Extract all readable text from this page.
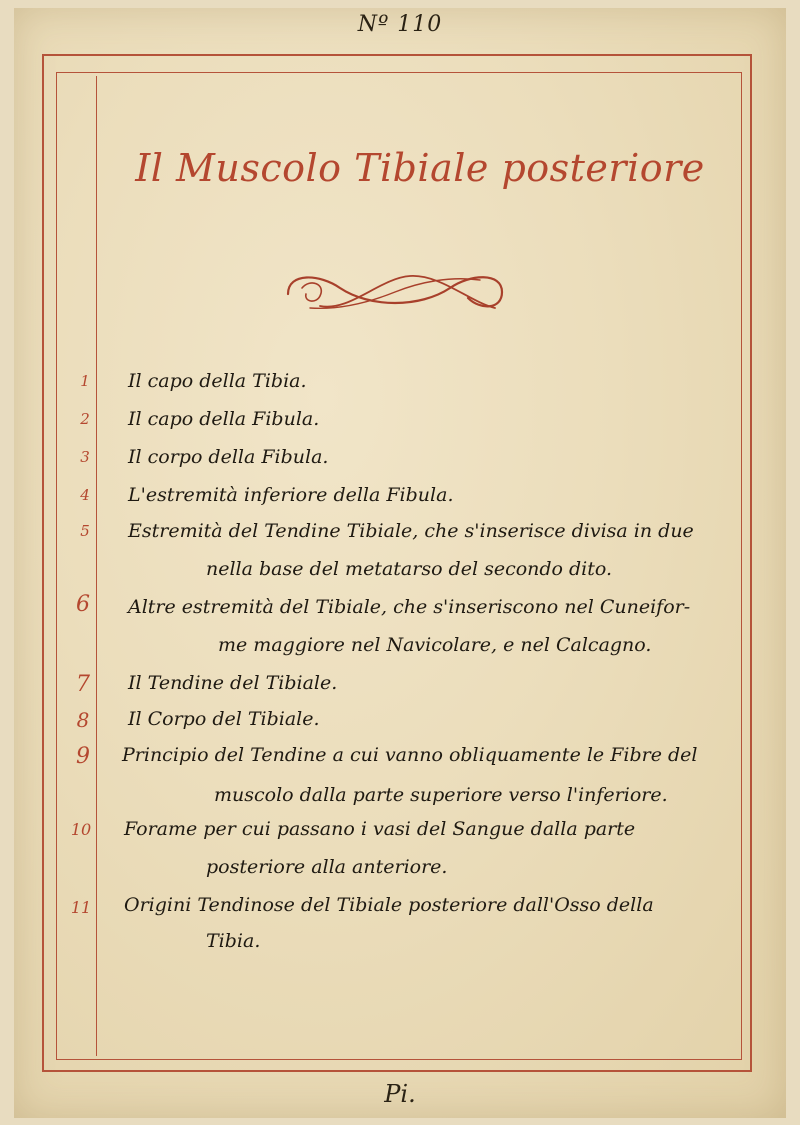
Nº 110
Il Muscolo Tibiale posteriore
1	Il capo della Tibia.
2	Il capo della Fibula.
3	Il corpo della Fibula.
4	L'estremità inferiore della Fibula.
5	Estremità del Tendine Tibiale, che s'inserisce divisa in due
nella base del metatarso del secondo dito.
6	Altre estremità del Tibiale, che s'inseriscono nel Cuneifor-
me maggiore nel Navicolare, e nel Calcagno.
7	Il Tendine del Tibiale.
8	Il Corpo del Tibiale.
9	Principio del Tendine a cui vanno obliquamente le Fibre del
muscolo dalla parte superiore verso l'inferiore.
10	Forame per cui passano i vasi del Sangue dalla parte
posteriore alla anteriore.
11	Origini Tendinose del Tibiale posteriore dall'Osso della
Tibia.
Pi.
